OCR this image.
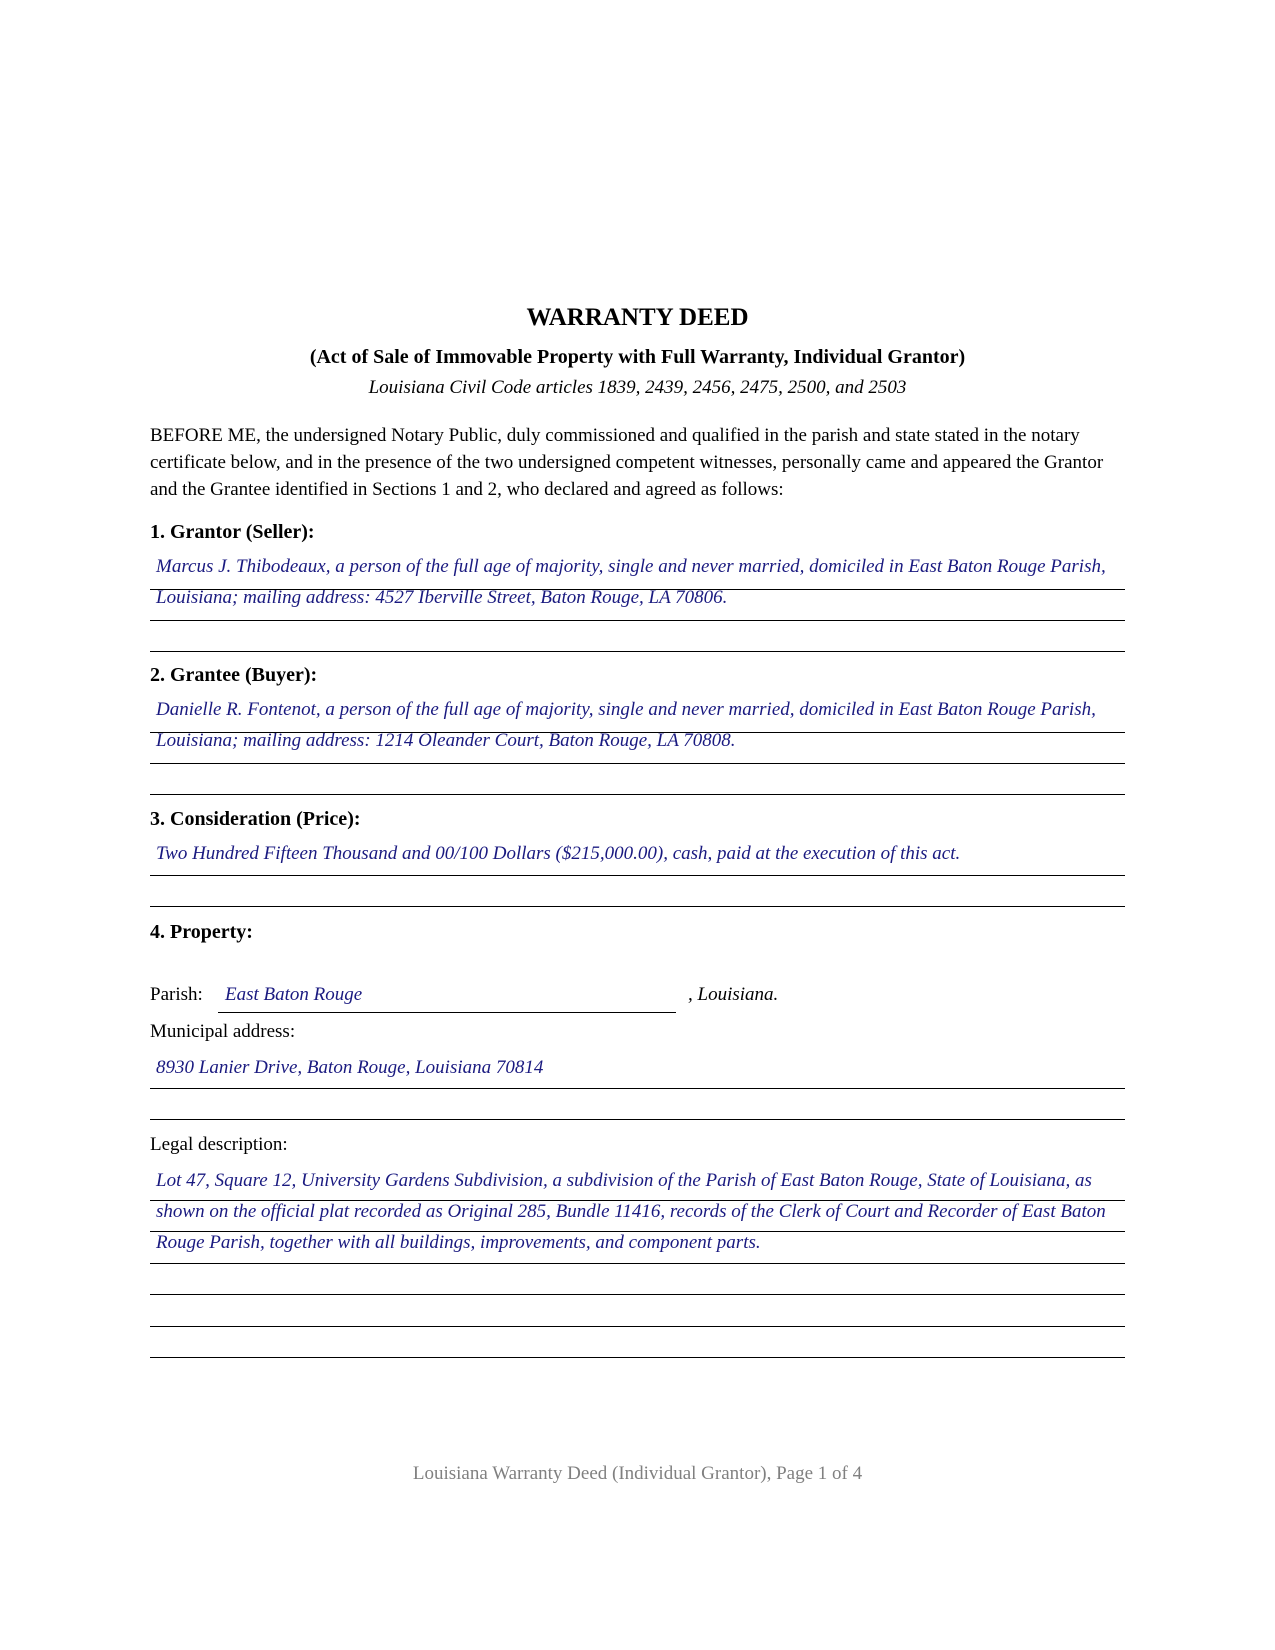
WARRANTY DEED
(Act of Sale of Immovable Property with Full Warranty, Individual Grantor)
Louisiana Civil Code articles 1839, 2439, 2456, 2475, 2500, and 2503
BEFORE ME, the undersigned Notary Public, duly commissioned and qualified in the parish and state stated in the notary certificate below, and in the presence of the two undersigned competent witnesses, personally came and appeared the Grantor and the Grantee identified in Sections 1 and 2, who declared and agreed as follows:
1. Grantor (Seller):
Marcus J. Thibodeaux, a person of the full age of majority, single and never married, domiciled in East Baton Rouge Parish, Louisiana; mailing address: 4527 Iberville Street, Baton Rouge, LA 70806.
2. Grantee (Buyer):
Danielle R. Fontenot, a person of the full age of majority, single and never married, domiciled in East Baton Rouge Parish, Louisiana; mailing address: 1214 Oleander Court, Baton Rouge, LA 70808.
3. Consideration (Price):
Two Hundred Fifteen Thousand and 00/100 Dollars ($215,000.00), cash, paid at the execution of this act.
4. Property:
Parish: East Baton Rouge	, Louisiana.
Municipal address:
8930 Lanier Drive, Baton Rouge, Louisiana 70814
Legal description:
Lot 47, Square 12, University Gardens Subdivision, a subdivision of the Parish of East Baton Rouge, State of Louisiana, as shown on the official plat recorded as Original 285, Bundle 11416, records of the Clerk of Court and Recorder of East Baton Rouge Parish, together with all buildings, improvements, and component parts.
Louisiana Warranty Deed (Individual Grantor), Page 1 of 4
